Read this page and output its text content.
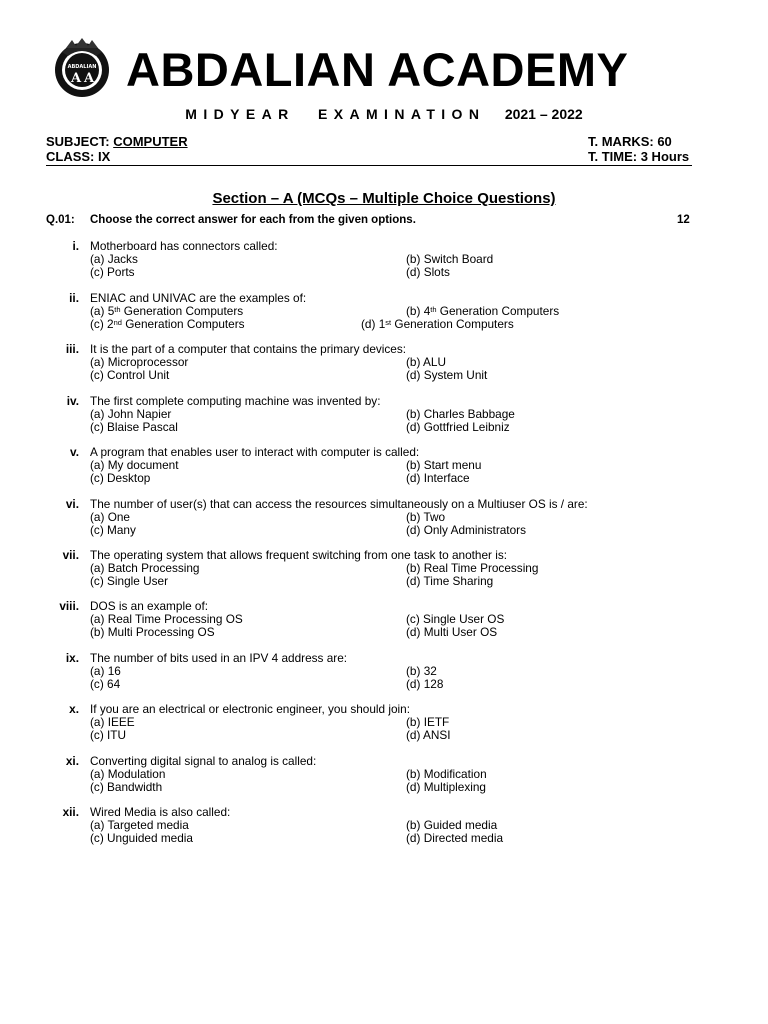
ABDALIAN
A A ABDALIAN ACADEMY
MIDYEAR EXAMINATION 2021 – 2022
SUBJECT: COMPUTER
CLASS: IX
T. MARKS: 60
T. TIME: 3 Hours
Section – A (MCQs – Multiple Choice Questions)
Q.01: Choose the correct answer for each from the given options.	12
i. Motherboard has connectors called:
(a) Jacks	(b) Switch Board
(c) Ports	(d) Slots
ii. ENIAC and UNIVAC are the examples of:
(a) 5th Generation Computers	(b) 4th Generation Computers
(c) 2nd Generation Computers	(d) 1st Generation Computers
iii. It is the part of a computer that contains the primary devices:
(a) Microprocessor	(b) ALU
(c) Control Unit	(d) System Unit
iv. The first complete computing machine was invented by:
(a) John Napier	(b) Charles Babbage
(c) Blaise Pascal	(d) Gottfried Leibniz
v. A program that enables user to interact with computer is called:
(a) My document	(b) Start menu
(c) Desktop	(d) Interface
vi. The number of user(s) that can access the resources simultaneously on a Multiuser OS is / are:
(a) One	(b) Two
(c) Many	(d) Only Administrators
vii. The operating system that allows frequent switching from one task to another is:
(a) Batch Processing	(b) Real Time Processing
(c) Single User	(d) Time Sharing
viii. DOS is an example of:
(a) Real Time Processing OS	(c) Single User OS
(b) Multi Processing OS	(d) Multi User OS
ix. The number of bits used in an IPV 4 address are:
(a) 16	(b) 32
(c) 64	(d) 128
x. If you are an electrical or electronic engineer, you should join:
(a) IEEE	(b) IETF
(c) ITU	(d) ANSI
xi. Converting digital signal to analog is called:
(a) Modulation	(b) Modification
(c) Bandwidth	(d) Multiplexing
xii. Wired Media is also called:
(a) Targeted media	(b) Guided media
(c) Unguided media	(d) Directed media
